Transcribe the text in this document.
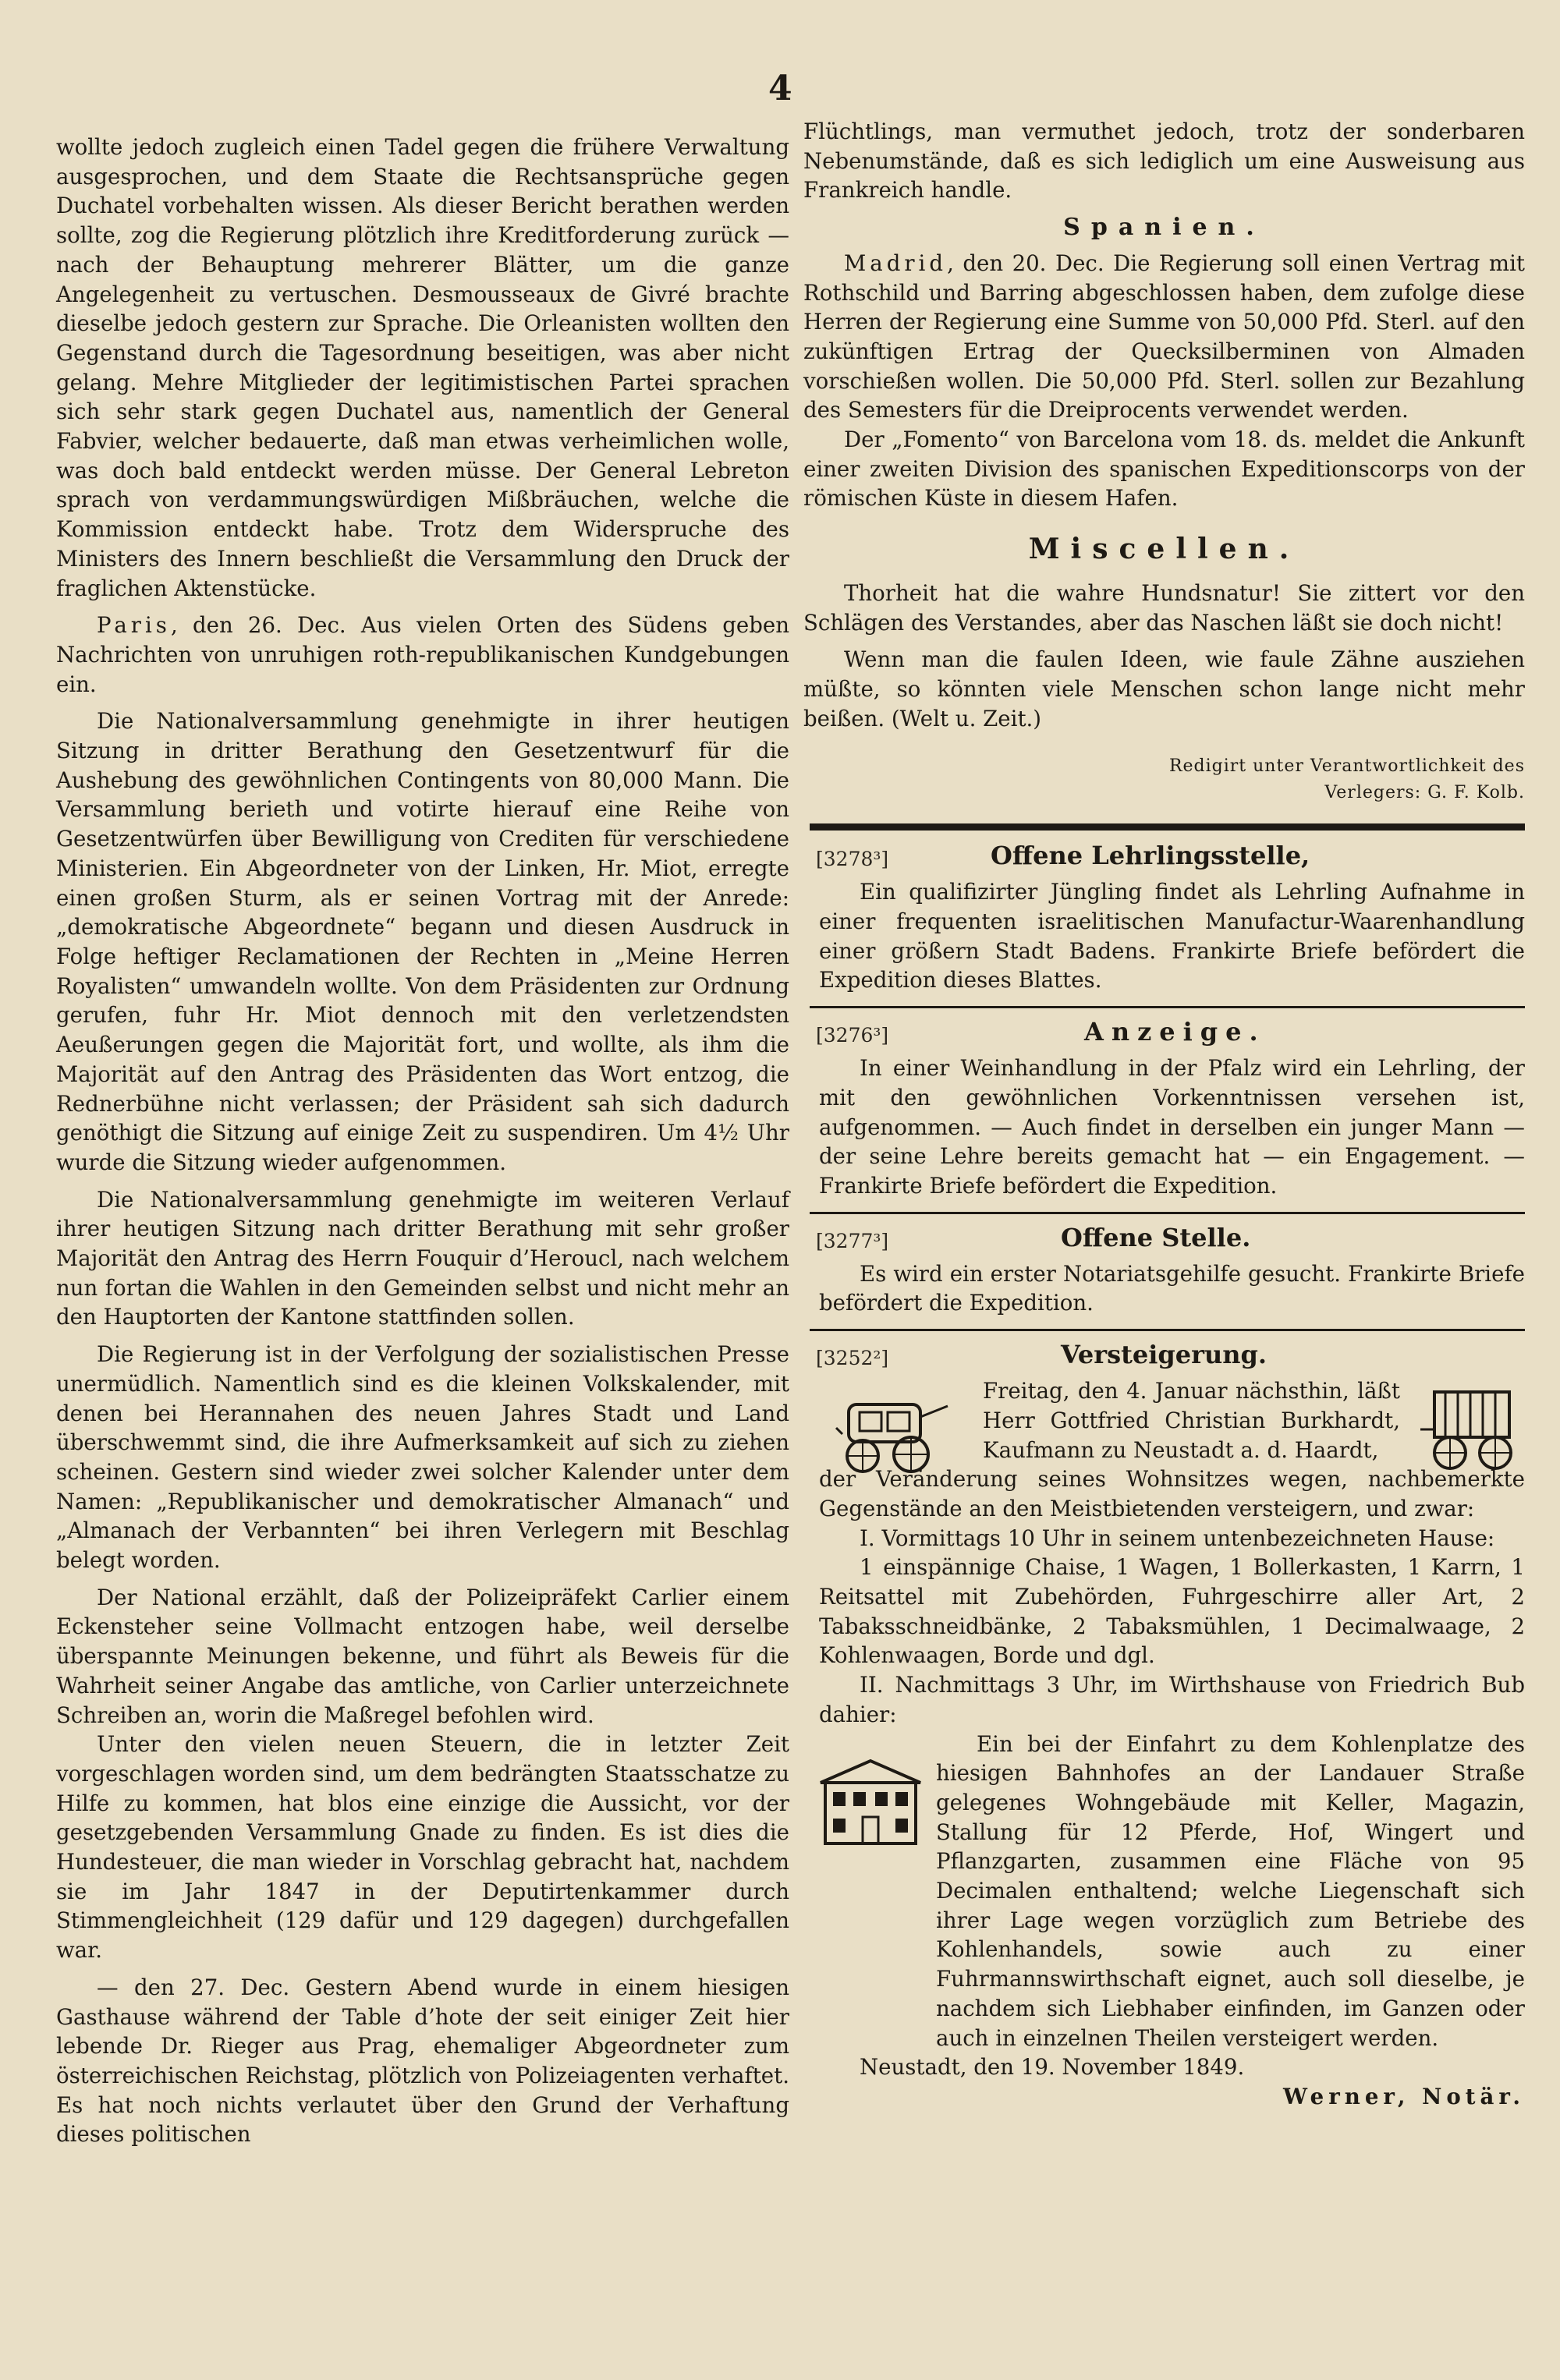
4

wollte jedoch zugleich einen Tadel gegen die frühere Verwaltung ausgesprochen, und dem Staate die Rechtsansprüche gegen Duchatel vorbehalten wissen. Als dieser Bericht berathen werden sollte, zog die Regierung plötzlich ihre Kreditforderung zurück — nach der Behauptung mehrerer Blätter, um die ganze Angelegenheit zu vertuschen. Desmousseaux de Givré brachte dieselbe jedoch gestern zur Sprache. Die Orleanisten wollten den Gegenstand durch die Tagesordnung beseitigen, was aber nicht gelang. Mehre Mitglieder der legitimistischen Partei sprachen sich sehr stark gegen Duchatel aus, namentlich der General Fabvier, welcher bedauerte, daß man etwas verheimlichen wolle, was doch bald entdeckt werden müsse. Der General Lebreton sprach von verdammungswürdigen Mißbräuchen, welche die Kommission entdeckt habe. Trotz dem Widerspruche des Ministers des Innern beschließt die Versammlung den Druck der fraglichen Aktenstücke.

Paris, den 26. Dec. Aus vielen Orten des Südens geben Nachrichten von unruhigen roth-republikanischen Kundgebungen ein.

Die Nationalversammlung genehmigte in ihrer heutigen Sitzung in dritter Berathung den Gesetzentwurf für die Aushebung des gewöhnlichen Contingents von 80,000 Mann. Die Versammlung berieth und votirte hierauf eine Reihe von Gesetzentwürfen über Bewilligung von Crediten für verschiedene Ministerien. Ein Abgeordneter von der Linken, Hr. Miot, erregte einen großen Sturm, als er seinen Vortrag mit der Anrede: „demokratische Abgeordnete“ begann und diesen Ausdruck in Folge heftiger Reclamationen der Rechten in „Meine Herren Royalisten“ umwandeln wollte. Von dem Präsidenten zur Ordnung gerufen, fuhr Hr. Miot dennoch mit den verletzendsten Aeußerungen gegen die Majorität fort, und wollte, als ihm die Majorität auf den Antrag des Präsidenten das Wort entzog, die Rednerbühne nicht verlassen; der Präsident sah sich dadurch genöthigt die Sitzung auf einige Zeit zu suspendiren. Um 4½ Uhr wurde die Sitzung wieder aufgenommen.

Die Nationalversammlung genehmigte im weiteren Verlauf ihrer heutigen Sitzung nach dritter Berathung mit sehr großer Majorität den Antrag des Herrn Fouquir d’Heroucl, nach welchem nun fortan die Wahlen in den Gemeinden selbst und nicht mehr an den Hauptorten der Kantone stattfinden sollen.

Die Regierung ist in der Verfolgung der sozialistischen Presse unermüdlich. Namentlich sind es die kleinen Volkskalender, mit denen bei Herannahen des neuen Jahres Stadt und Land überschwemmt sind, die ihre Aufmerksamkeit auf sich zu ziehen scheinen. Gestern sind wieder zwei solcher Kalender unter dem Namen: „Republikanischer und demokratischer Almanach“ und „Almanach der Verbannten“ bei ihren Verlegern mit Beschlag belegt worden.

Der National erzählt, daß der Polizeipräfekt Carlier einem Eckensteher seine Vollmacht entzogen habe, weil derselbe überspannte Meinungen bekenne, und führt als Beweis für die Wahrheit seiner Angabe das amtliche, von Carlier unterzeichnete Schreiben an, worin die Maßregel befohlen wird.

Unter den vielen neuen Steuern, die in letzter Zeit vorgeschlagen worden sind, um dem bedrängten Staatsschatze zu Hilfe zu kommen, hat blos eine einzige die Aussicht, vor der gesetzgebenden Versammlung Gnade zu finden. Es ist dies die Hundesteuer, die man wieder in Vorschlag gebracht hat, nachdem sie im Jahr 1847 in der Deputirtenkammer durch Stimmengleichheit (129 dafür und 129 dagegen) durchgefallen war.

— den 27. Dec. Gestern Abend wurde in einem hiesigen Gasthause während der Table d’hote der seit einiger Zeit hier lebende Dr. Rieger aus Prag, ehemaliger Abgeordneter zum österreichischen Reichstag, plötzlich von Polizeiagenten verhaftet. Es hat noch nichts verlautet über den Grund der Verhaftung dieses politischen

Flüchtlings, man vermuthet jedoch, trotz der sonderbaren Nebenumstände, daß es sich lediglich um eine Ausweisung aus Frankreich handle.

Spanien.

Madrid, den 20. Dec. Die Regierung soll einen Vertrag mit Rothschild und Barring abgeschlossen haben, dem zufolge diese Herren der Regierung eine Summe von 50,000 Pfd. Sterl. auf den zukünftigen Ertrag der Quecksilberminen von Almaden vorschießen wollen. Die 50,000 Pfd. Sterl. sollen zur Bezahlung des Semesters für die Dreiprocents verwendet werden.

Der „Fomento“ von Barcelona vom 18. ds. meldet die Ankunft einer zweiten Division des spanischen Expeditionscorps von der römischen Küste in diesem Hafen.

Miscellen.

Thorheit hat die wahre Hundsnatur! Sie zittert vor den Schlägen des Verstandes, aber das Naschen läßt sie doch nicht!

Wenn man die faulen Ideen, wie faule Zähne ausziehen müßte, so könnten viele Menschen schon lange nicht mehr beißen. (Welt u. Zeit.)

Redigirt unter Verantwortlichkeit des
Verlegers: G. F. Kolb.
[3278³]	Offene Lehrlingsstelle,

Ein qualifizirter Jüngling findet als Lehrling Aufnahme in einer frequenten israelitischen Manufactur-Waarenhandlung einer größern Stadt Badens. Frankirte Briefe befördert die Expedition dieses Blattes.

[3276³]	Anzeige.

In einer Weinhandlung in der Pfalz wird ein Lehrling, der mit den gewöhnlichen Vorkenntnissen versehen ist, aufgenommen. — Auch findet in derselben ein junger Mann — der seine Lehre bereits gemacht hat — ein Engagement. — Frankirte Briefe befördert die Expedition.

[3277³]	Offene Stelle.

Es wird ein erster Notariatsgehilfe gesucht. Frankirte Briefe befördert die Expedition.

[3252²]	Versteigerung.

Freitag, den 4. Januar nächsthin, läßt Herr Gottfried Christian Burkhardt, Kaufmann zu Neustadt a. d. Haardt,

der Veränderung seines Wohnsitzes wegen, nachbemerkte Gegenstände an den Meistbietenden versteigern, und zwar:

I. Vormittags 10 Uhr in seinem untenbezeichneten Hause:

1 einspännige Chaise, 1 Wagen, 1 Bollerkasten, 1 Karrn, 1 Reitsattel mit Zubehörden, Fuhrgeschirre aller Art, 2 Tabaksschneidbänke, 2 Tabaksmühlen, 1 Decimalwaage, 2 Kohlenwaagen, Borde und dgl.

II. Nachmittags 3 Uhr, im Wirthshause von Friedrich Bub dahier:

Ein bei der Einfahrt zu dem Kohlenplatze des hiesigen Bahnhofes an der Landauer Straße gelegenes Wohngebäude mit Keller, Magazin, Stallung für 12 Pferde, Hof, Wingert und Pflanzgarten, zusammen eine Fläche von 95 Decimalen enthaltend; welche Liegenschaft sich ihrer Lage wegen vorzüglich zum Betriebe des Kohlenhandels, sowie auch zu einer Fuhrmannswirthschaft eignet, auch soll dieselbe, je nachdem sich Liebhaber einfinden, im Ganzen oder auch in einzelnen Theilen versteigert werden.

Neustadt, den 19. November 1849.

Werner, Notär.
